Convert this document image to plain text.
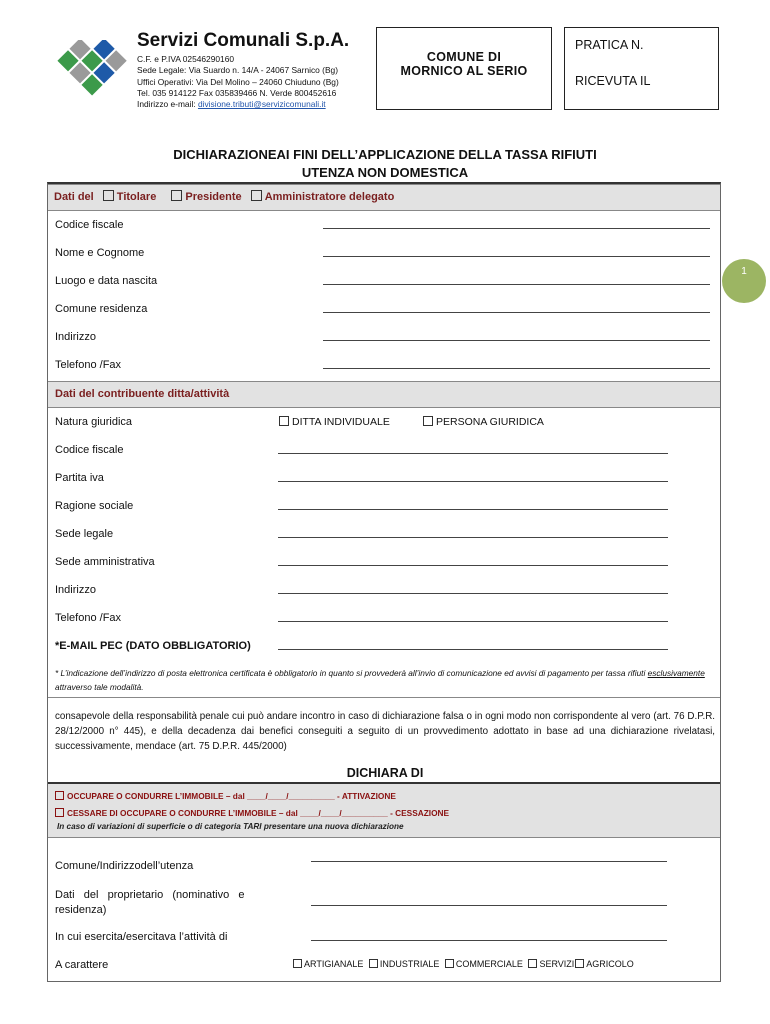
Servizi Comunali S.p.A.
C.F. e P.IVA 02546290160
Sede Legale: Via Suardo n. 14/A - 24067 Sarnico (Bg)
Uffici Operativi: Via Del Molino – 24060 Chiuduno (Bg)
Tel. 035 914122 Fax 035839466 N. Verde 800452616
Indirizzo e-mail: divisione.tributi@servizicomunali.it
COMUNE DI
MORNICO AL SERIO
PRATICA N.
RICEVUTA IL
DICHIARAZIONEAI FINI DELL’APPLICAZIONE DELLA TASSA RIFIUTI
UTENZA NON DOMESTICA
Dati del Titolare	Presidente Amministratore delegato
Codice fiscale
Nome e Cognome
Luogo e data nascita
Comune residenza
Indirizzo
Telefono /Fax
Dati del contribuente ditta/attività
Natura giuridica	DITTA INDIVIDUALE	PERSONA GIURIDICA
Codice fiscale
Partita iva
Ragione sociale
Sede legale
Sede amministrativa
Indirizzo
Telefono /Fax
*E-MAIL PEC (DATO OBBLIGATORIO)
* L’indicazione dell’indirizzo di posta elettronica certificata è obbligatorio in quanto si provvederà all’invio di comunicazione ed avvisi di pagamento per tassa rifiuti esclusivamente attraverso tale modalità.
consapevole della responsabilità penale cui può andare incontro in caso di dichiarazione falsa o in ogni modo non corrispondente al vero (art. 76 D.P.R. 28/12/2000 n° 445), e della decadenza dai benefici conseguiti a seguito di un provvedimento adottato in base ad una dichiarazione rivelatasi, successivamente, mendace (art. 75 D.P.R. 445/2000)
DICHIARA DI
OCCUPARE O CONDURRE L’IMMOBILE – dal ____/____/__________ - ATTIVAZIONE
CESSARE DI OCCUPARE O CONDURRE L’IMMOBILE – dal ____/____/__________ - CESSAZIONE
In caso di variazioni di superficie o di categoria TARI presentare una nuova dichiarazione
Comune/Indirizzodell’utenza
Dati   del   proprietario   (nominativo   e
residenza)
In cui esercita/esercitava l’attività di
A carattere	ARTIGIANALE INDUSTRIALE COMMERCIALE SERVIZI AGRICOLO
1
